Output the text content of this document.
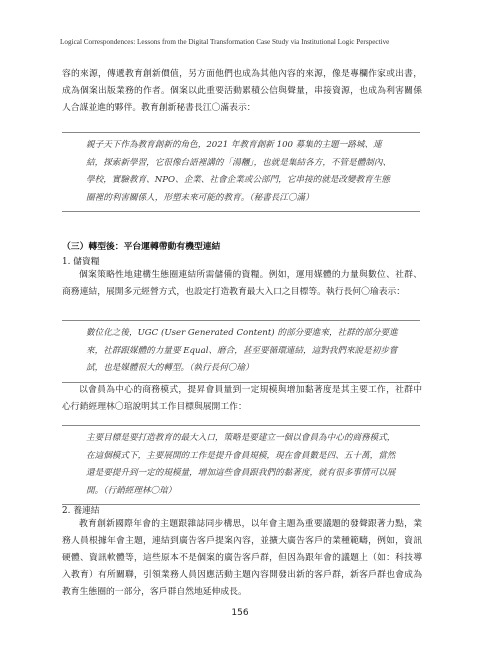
Logical Correspondences: Lessons from the Digital Transformation Case Study via Institutional Logic Perspective
容的來源，傳遞教育創新價值，另方面他們也成為其他內容的來源，像是專欄作家或出書，成為個案出版業務的作者。個案以此重要活動累積公信與聲量，串接資源，也成為利害關係人合謀並進的夥伴。教育創新秘書長江〇滿表示：
親子天下作為教育創新的角色，2021 年教育創新 100 募集的主題一路城、連結，探索新學習，它很像台語裡講的「湯糰」，也就是集結各方，不管是體制內、學校，實驗教育、NPO、企業、社會企業或公部門，它串接的就是改變教育生態圈裡的利害關係人，形塑未來可能的教育。（秘書長江〇滿）
（三）轉型後：平台運轉帶動有機型連結
1. 儲資糧
個案策略性地建構生態圈連結所需儲備的資糧。例如，運用媒體的力量與數位、社群、商務連結，展開多元經營方式，也設定打造教育最大入口之目標等。執行長何〇瑜表示：
數位化之後，UGC (User Generated Content) 的部分要進來，社群的部分要進來，社群跟媒體的力量要 Equal、磨合，甚至要循環連結，這對我們來說是初步嘗試，也是媒體很大的轉型。（執行長何〇瑜）
以會員為中心的商務模式，提昇會員量到一定規模與增加黏著度是其主要工作，社群中心行銷經理林〇琯說明其工作目標與展開工作：
主要目標是要打造教育的最大入口，策略是要建立一個以會員為中心的商務模式，在這個模式下，主要展開的工作是提升會員規模，現在會員數是四、五十萬，當然還是要提升到一定的規模量，增加這些會員跟我們的黏著度，就有很多事情可以展開。（行銷經理林〇琯）
2. 養連結
教育創新國際年會的主題跟雜誌同步構思，以年會主題為重要議題的發聲跟著力點，業務人員根據年會主題，連結到廣告客戶提案內容，並擴大廣告客戶的業種範疇，例如，資訊硬體、資訊軟體等，這些原本不是個案的廣告客戶群，但因為跟年會的議題上（如：科技導入教育）有所關聯，引領業務人員因應活動主題內容開發出新的客戶群，新客戶群也會成為教育生態圈的一部分，客戶群自然地延伸成長。
156
